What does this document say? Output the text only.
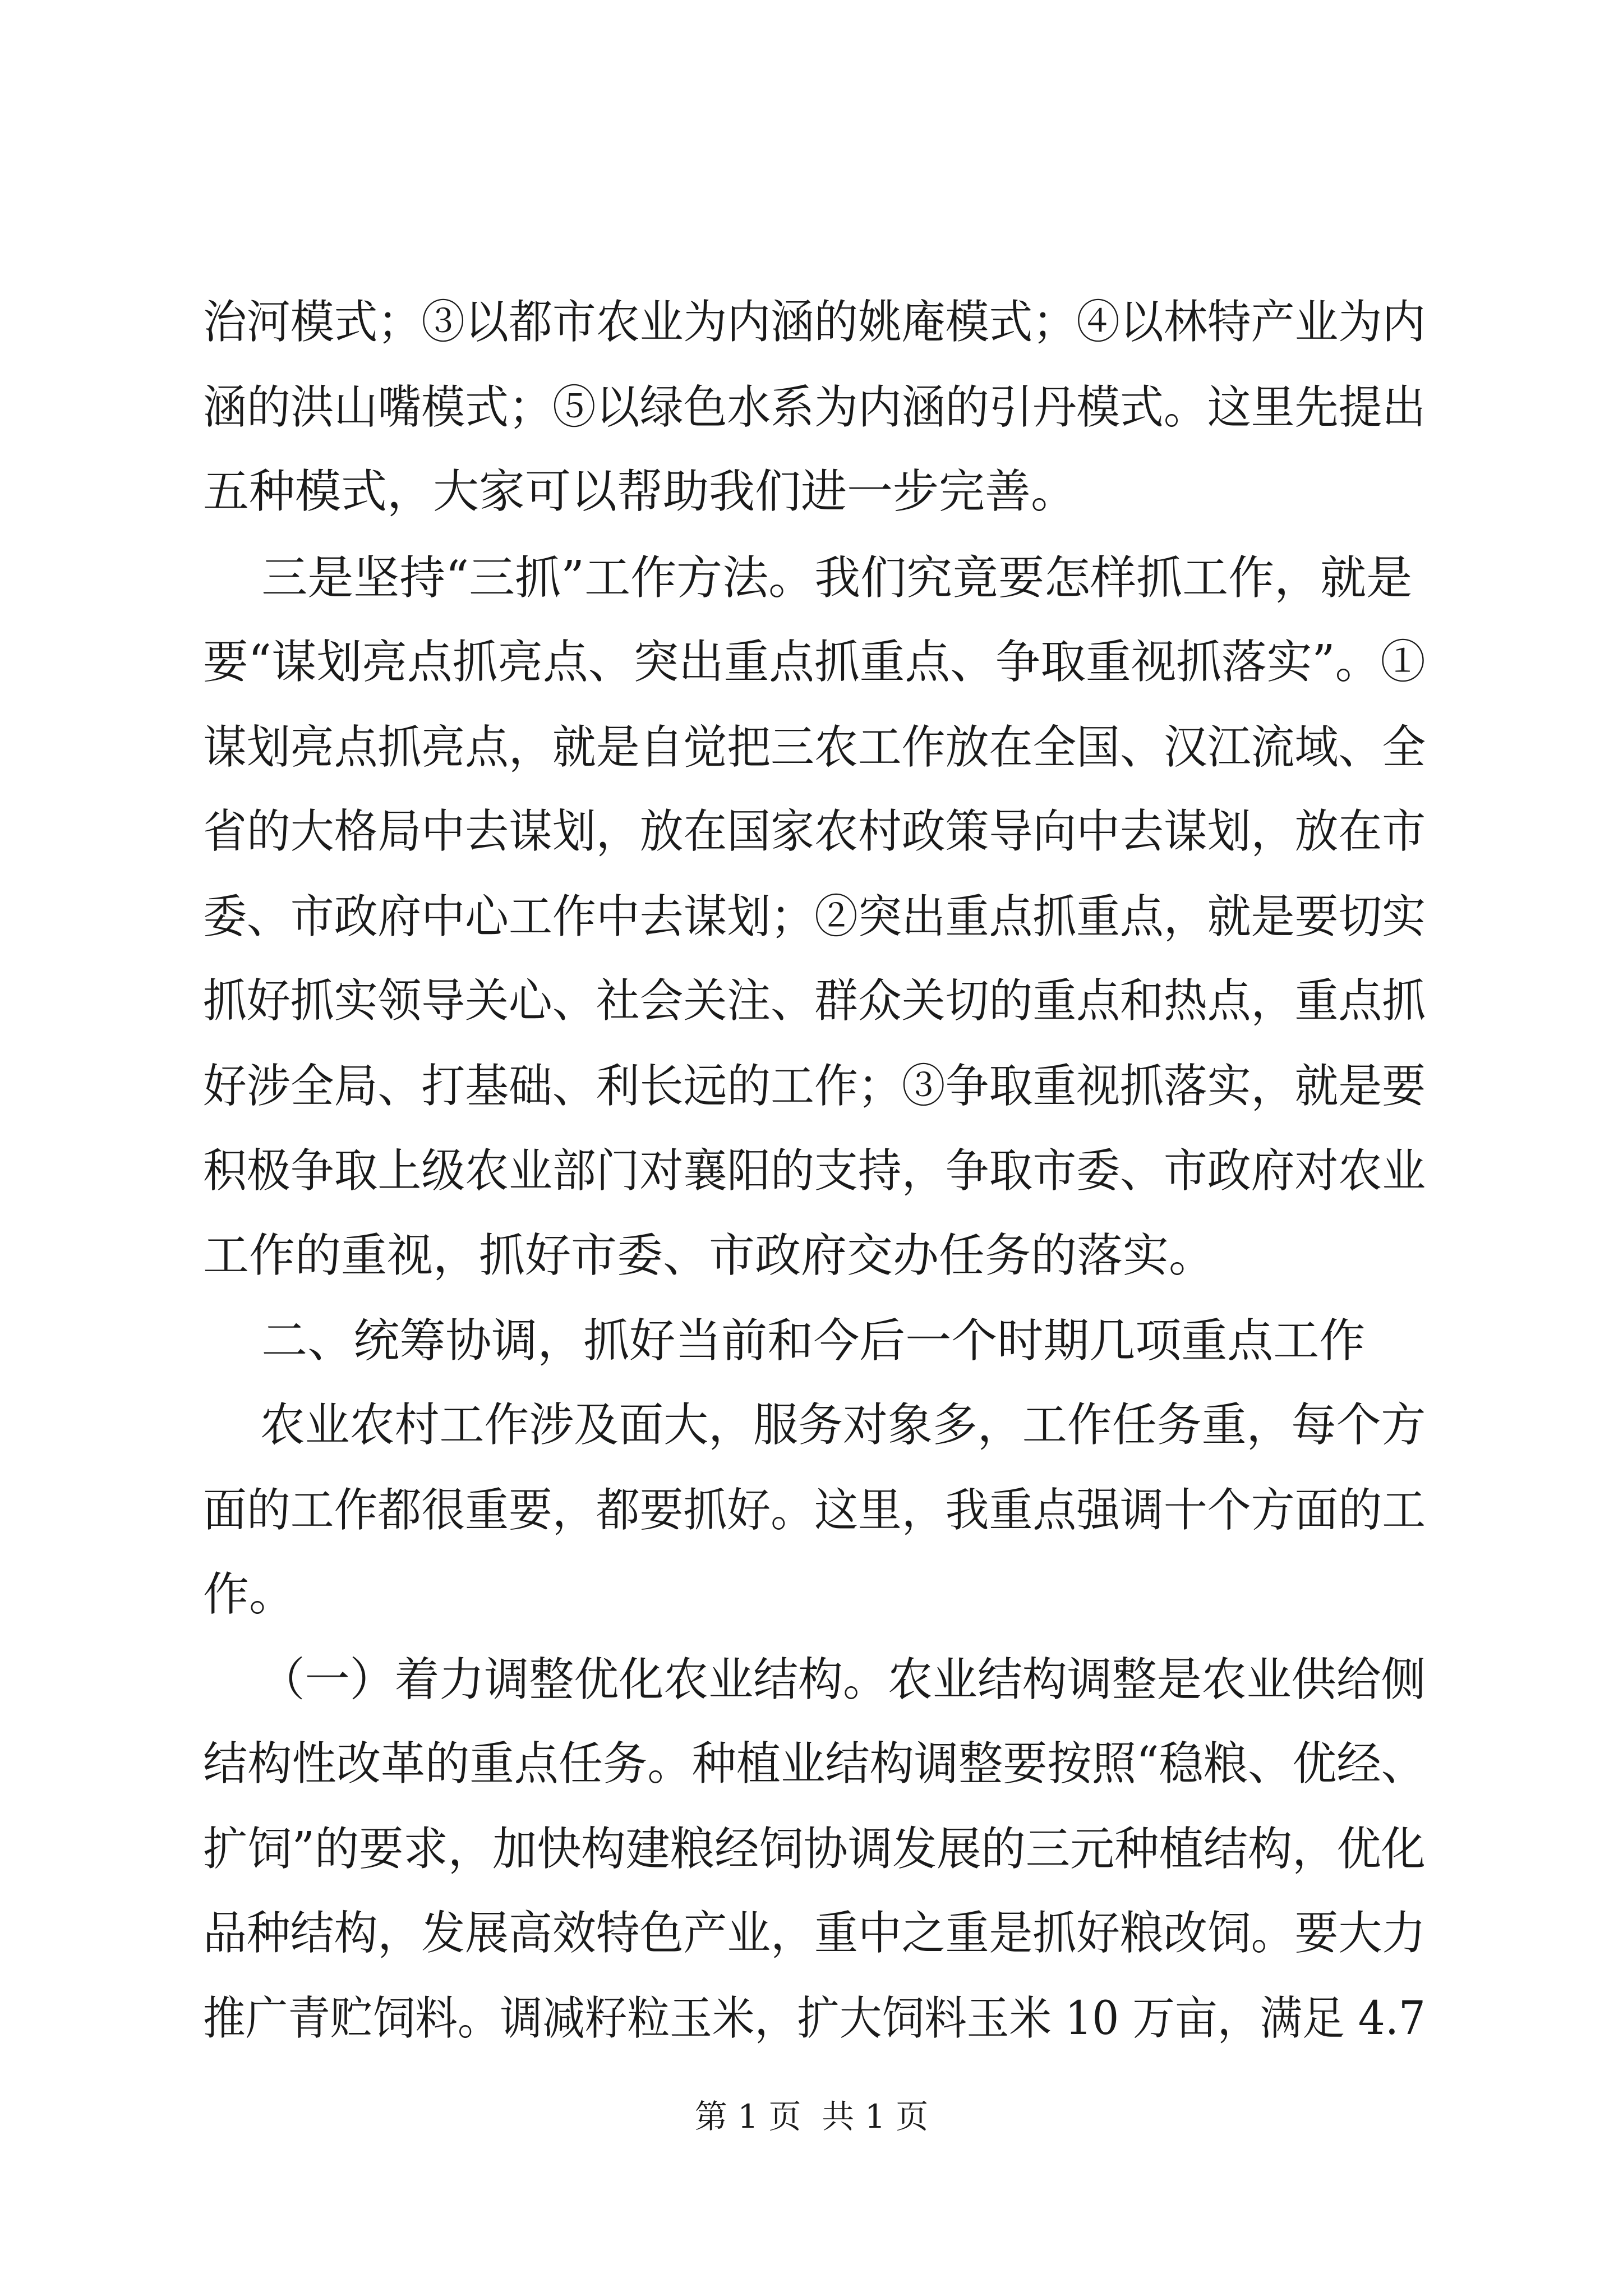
治河模式；③以都市农业为内涵的姚庵模式；④以林特产业为内
涵的洪山嘴模式；⑤以绿色水系为内涵的引丹模式。这里先提出
五种模式，大家可以帮助我们进一步完善。
三是坚持“三抓”工作方法。我们究竟要怎样抓工作，就是
要“谋划亮点抓亮点、突出重点抓重点、争取重视抓落实”。①
谋划亮点抓亮点，就是自觉把三农工作放在全国、汉江流域、全
省的大格局中去谋划，放在国家农村政策导向中去谋划，放在市
委、市政府中心工作中去谋划；②突出重点抓重点，就是要切实
抓好抓实领导关心、社会关注、群众关切的重点和热点，重点抓
好涉全局、打基础、利长远的工作；③争取重视抓落实，就是要
积极争取上级农业部门对襄阳的支持，争取市委、市政府对农业
工作的重视，抓好市委、市政府交办任务的落实。
二、统筹协调，抓好当前和今后一个时期几项重点工作
农业农村工作涉及面大，服务对象多，工作任务重，每个方
面的工作都很重要，都要抓好。这里，我重点强调十个方面的工
作。
（一）着力调整优化农业结构。农业结构调整是农业供给侧
结构性改革的重点任务。种植业结构调整要按照“稳粮、优经、
扩饲”的要求，加快构建粮经饲协调发展的三元种植结构，优化
品种结构，发展高效特色产业，重中之重是抓好粮改饲。要大力
推广青贮饲料。调减籽粒玉米，扩大饲料玉米 10 万亩，满足 4.7
第 1 页  共 1 页
